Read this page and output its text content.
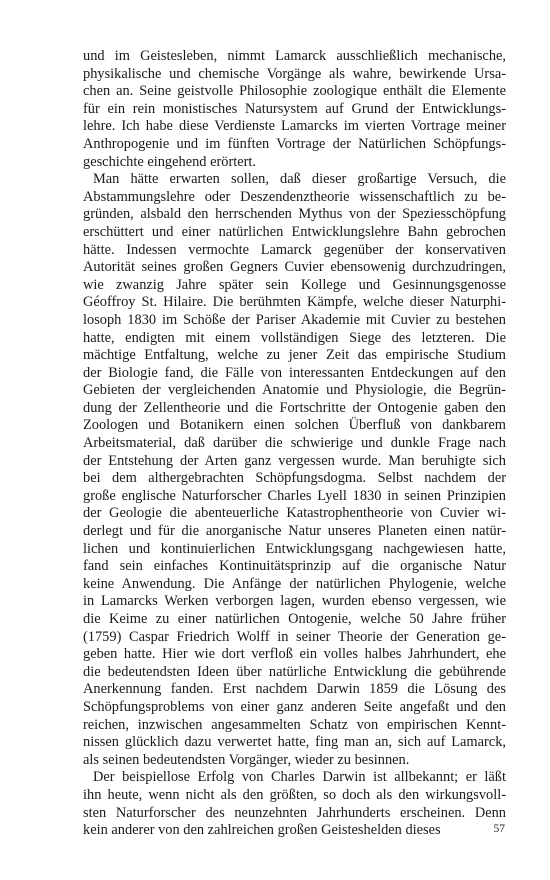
und im Geistesleben, nimmt Lamarck ausschließlich mechanische,
physikalische und chemische Vorgänge als wahre, bewirkende Ursa-
chen an. Seine geistvolle Philosophie zoologique enthält die Elemente
für ein rein monistisches Natursystem auf Grund der Entwicklungs-
lehre. Ich habe diese Verdienste Lamarcks im vierten Vortrage meiner
Anthropogenie und im fünften Vortrage der Natürlichen Schöpfungs-
geschichte eingehend erörtert.
Man hätte erwarten sollen, daß dieser großartige Versuch, die
Abstammungslehre oder Deszendenztheorie wissenschaftlich zu be-
gründen, alsbald den herrschenden Mythus von der Speziesschöpfung
erschüttert und einer natürlichen Entwicklungslehre Bahn gebrochen
hätte. Indessen vermochte Lamarck gegenüber der konservativen
Autorität seines großen Gegners Cuvier ebensowenig durchzudringen,
wie zwanzig Jahre später sein Kollege und Gesinnungsgenosse
Géoffroy St. Hilaire. Die berühmten Kämpfe, welche dieser Naturphi-
losoph 1830 im Schöße der Pariser Akademie mit Cuvier zu bestehen
hatte, endigten mit einem vollständigen Siege des letzteren. Die
mächtige Entfaltung, welche zu jener Zeit das empirische Studium
der Biologie fand, die Fälle von interessanten Entdeckungen auf den
Gebieten der vergleichenden Anatomie und Physiologie, die Begrün-
dung der Zellentheorie und die Fortschritte der Ontogenie gaben den
Zoologen und Botanikern einen solchen Überfluß von dankbarem
Arbeitsmaterial, daß darüber die schwierige und dunkle Frage nach
der Entstehung der Arten ganz vergessen wurde. Man beruhigte sich
bei dem althergebrachten Schöpfungsdogma. Selbst nachdem der
große englische Naturforscher Charles Lyell 1830 in seinen Prinzipien
der Geologie die abenteuerliche Katastrophentheorie von Cuvier wi-
derlegt und für die anorganische Natur unseres Planeten einen natür-
lichen und kontinuierlichen Entwicklungsgang nachgewiesen hatte,
fand sein einfaches Kontinuitätsprinzip auf die organische Natur
keine Anwendung. Die Anfänge der natürlichen Phylogenie, welche
in Lamarcks Werken verborgen lagen, wurden ebenso vergessen, wie
die Keime zu einer natürlichen Ontogenie, welche 50 Jahre früher
(1759) Caspar Friedrich Wolff in seiner Theorie der Generation ge-
geben hatte. Hier wie dort verfloß ein volles halbes Jahrhundert, ehe
die bedeutendsten Ideen über natürliche Entwicklung die gebührende
Anerkennung fanden. Erst nachdem Darwin 1859 die Lösung des
Schöpfungsproblems von einer ganz anderen Seite angefaßt und den
reichen, inzwischen angesammelten Schatz von empirischen Kennt-
nissen glücklich dazu verwertet hatte, fing man an, sich auf Lamarck,
als seinen bedeutendsten Vorgänger, wieder zu besinnen.
Der beispiellose Erfolg von Charles Darwin ist allbekannt; er läßt
ihn heute, wenn nicht als den größten, so doch als den wirkungsvoll-
sten Naturforscher des neunzehnten Jahrhunderts erscheinen. Denn
kein anderer von den zahlreichen großen Geisteshelden dieses	57
